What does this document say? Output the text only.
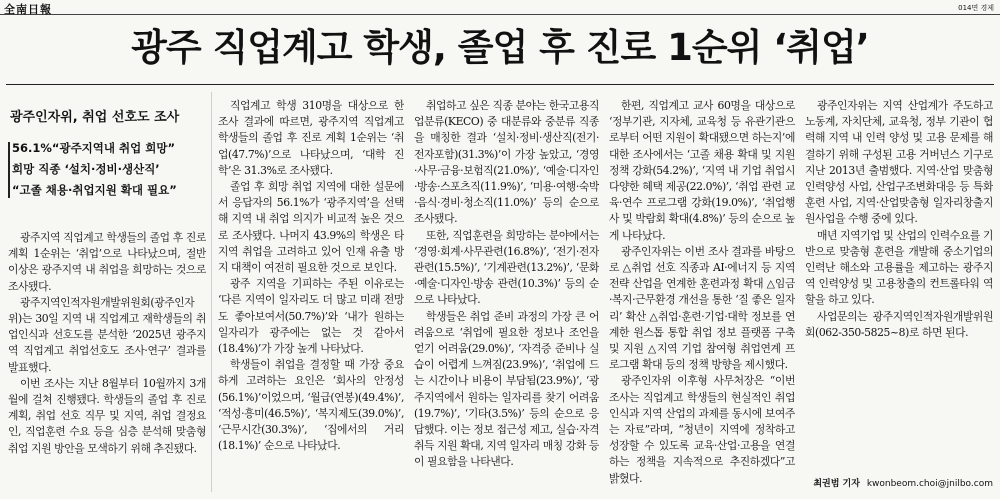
全南日報	014면 경제
광주 직업계고 학생, 졸업 후 진로 1순위 ‘취업’
광주인자위, 취업 선호도 조사
56.1%“광주지역내 취업 희망”
희망 직종 ‘설치·정비·생산직’
“고졸 채용·취업지원 확대 필요”

광주지역 직업계고 학생들의 졸업 후 진로 계획 1순위는 ‘취업’으로 나타났으며, 절반 이상은 광주지역 내 취업을 희망하는 것으로 조사됐다.

광주지역인적자원개발위원회(광주인자위)는 30일 지역 내 직업계고 재학생들의 취업인식과 선호도를 분석한 ‘2025년 광주지역 직업계고 취업선호도 조사·연구’ 결과를 발표했다.

이번 조사는 지난 8월부터 10월까지 3개월에 걸쳐 진행됐다. 학생들의 졸업 후 진로계획, 취업 선호 직무 및 지역, 취업 결정요인, 직업훈련 수요 등을 심층 분석해 맞춤형 취업 지원 방안을 모색하기 위해 추진됐다.

직업계고 학생 310명을 대상으로 한 조사 결과에 따르면, 광주지역 직업계고 학생들의 졸업 후 진로 계획 1순위는 ‘취업(47.7%)’으로 나타났으며, ‘대학 진학’은 31.3%로 조사됐다.

졸업 후 희망 취업 지역에 대한 설문에서 응답자의 56.1%가 ‘광주지역’을 선택해 지역 내 취업 의지가 비교적 높은 것으로 조사됐다. 나머지 43.9%의 학생은 타지역 취업을 고려하고 있어 인재 유출 방지 대책이 여전히 필요한 것으로 보인다.

광주 지역을 기피하는 주된 이유로는 ‘다른 지역이 일자리도 더 많고 미래 전망도 좋아보여서(50.7%)’와 ‘내가 원하는 일자리가 광주에는 없는 것 같아서(18.4%)’가 가장 높게 나타났다.

학생들이 취업을 결정할 때 가장 중요하게 고려하는 요인은 ‘회사의 안정성(56.1%)’이었으며, ‘월급(연봉)(49.4%)’, ‘적성·흥미(46.5%)’, ‘복지제도(39.0%)’, ‘근무시간(30.3%)’, ‘집에서의 거리(18.1%)’ 순으로 나타났다.

취업하고 싶은 직종 분야는 한국고용직업분류(KECO) 중 대분류와 중분류 직종을 매칭한 결과 ‘설치·정비·생산직(전기·전자포함)(31.3%)’이 가장 높았고, ‘경영·사무·금융·보험직(21.0%)’, ‘예술·디자인·방송·스포츠직(11.9%)’, ‘미용·여행·숙박·음식·경비·청소직(11.0%)’ 등의 순으로 조사됐다.

또한, 직업훈련을 희망하는 분야에서는 ‘경영·회계·사무관련(16.8%)’, ‘전기·전자관련(15.5%)’, ‘기계관련(13.2%)’, ‘문화·예술·디자인·방송 관련(10.3%)’ 등의 순으로 나타났다.

학생들은 취업 준비 과정의 가장 큰 어려움으로 ‘취업에 필요한 정보나 조언을 얻기 어려움(29.0%)’, ‘자격증 준비나 실습이 어렵게 느껴짐(23.9%)’, ‘취업에 드는 시간이나 비용이 부담됨(23.9%)’, ‘광주지역에서 원하는 일자리를 찾기 어려움(19.7%)’, ‘기타(3.5%)’ 등의 순으로 응답했다. 이는 정보 접근성 제고, 실습·자격 취득 지원 확대, 지역 일자리 매칭 강화 등이 필요함을 나타낸다.

한편, 직업계고 교사 60명을 대상으로 ‘정부기관, 지자체, 교육청 등 유관기관으로부터 어떤 지원이 확대됐으면 하는지’에 대한 조사에서는 ‘고졸 채용 확대 및 지원 정책 강화(54.2%)’, ‘지역 내 기업 취업시 다양한 혜택 제공(22.0%)’, ‘취업 관련 교육·연수 프로그램 강화(19.0%)’, ‘취업행사 및 박람회 확대(4.8%)’ 등의 순으로 높게 나타났다.

광주인자위는 이번 조사 결과를 바탕으로 △취업 선호 직종과 AI·에너지 등 지역 전략 산업을 연계한 훈련과정 확대 △임금·복지·근무환경 개선을 통한 ‘질 좋은 일자리’ 확산 △취업·훈련·기업·대학 정보를 연계한 원스톱 통합 취업 정보 플랫폼 구축 및 지원 △지역 기업 참여형 취업연계 프로그램 확대 등의 정책 방향을 제시했다.

광주인자위 이후형 사무처장은 “이번 조사는 직업계고 학생들의 현실적인 취업인식과 지역 산업의 과제를 동시에 보여주는 자료”라며, “청년이 지역에 정착하고 성장할 수 있도록 교육·산업·고용을 연결하는 정책을 지속적으로 추진하겠다”고 밝혔다.

광주인자위는 지역 산업계가 주도하고 노동계, 자치단체, 교육청, 정부 기관이 협력해 지역 내 인력 양성 및 고용 문제를 해결하기 위해 구성된 고용 거버넌스 기구로 지난 2013년 출범했다. 지역·산업 맞춤형 인력양성 사업, 산업구조변화대응 등 특화훈련 사업, 지역·산업맞춤형 일자리창출지원사업을 수행 중에 있다.

매년 지역기업 및 산업의 인력수요를 기반으로 맞춤형 훈련을 개발해 중소기업의 인력난 해소와 고용률을 제고하는 광주지역 인력양성 및 고용창출의 컨트롤타워 역할을 하고 있다.

사업문의는 광주지역인적자원개발위원회(062-350-5825~8)로 하면 된다.

최권범 기자 kwonbeom.choi@jnilbo.com
